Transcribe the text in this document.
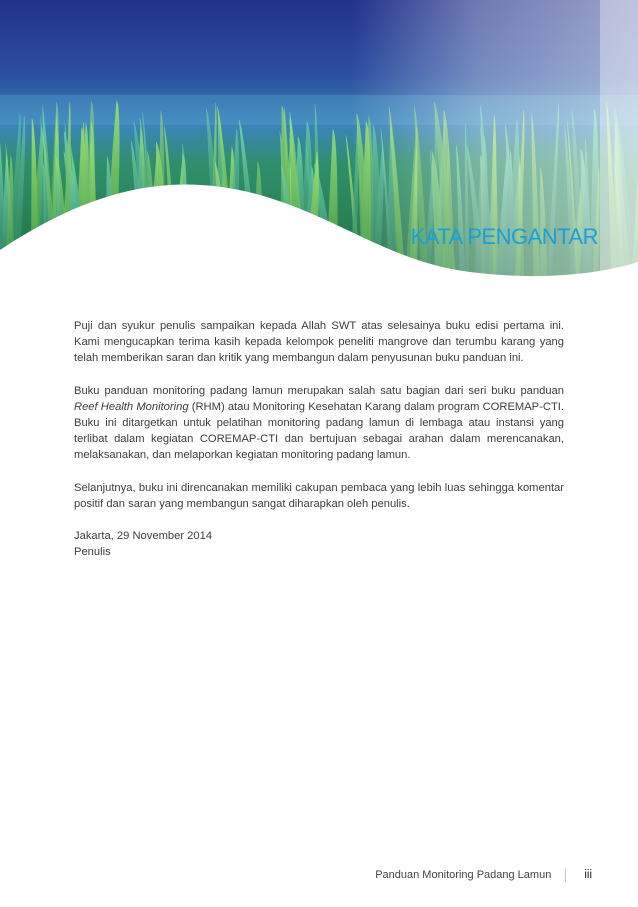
KATA PENGANTAR

Puji dan syukur penulis sampaikan kepada Allah SWT atas selesainya buku edisi pertama ini. Kami mengucapkan terima kasih kepada kelompok peneliti mangrove dan terumbu karang yang telah memberikan saran dan kritik yang membangun dalam penyusunan buku panduan ini.

Buku panduan monitoring padang lamun merupakan salah satu bagian dari seri buku panduan Reef Health Monitoring (RHM) atau Monitoring Kesehatan Karang dalam program COREMAP-CTI. Buku ini ditargetkan untuk pelatihan monitoring padang lamun di lembaga atau instansi yang terlibat dalam kegiatan COREMAP-CTI dan bertujuan sebagai arahan dalam merencanakan, melaksanakan, dan melaporkan kegiatan monitoring padang lamun.

Selanjutnya, buku ini direncanakan memiliki cakupan pembaca yang lebih luas sehingga komentar positif dan saran yang membangun sangat diharapkan oleh penulis.

Jakarta, 29 November 2014

Penulis

Panduan Monitoring Padang Lamun	iii
